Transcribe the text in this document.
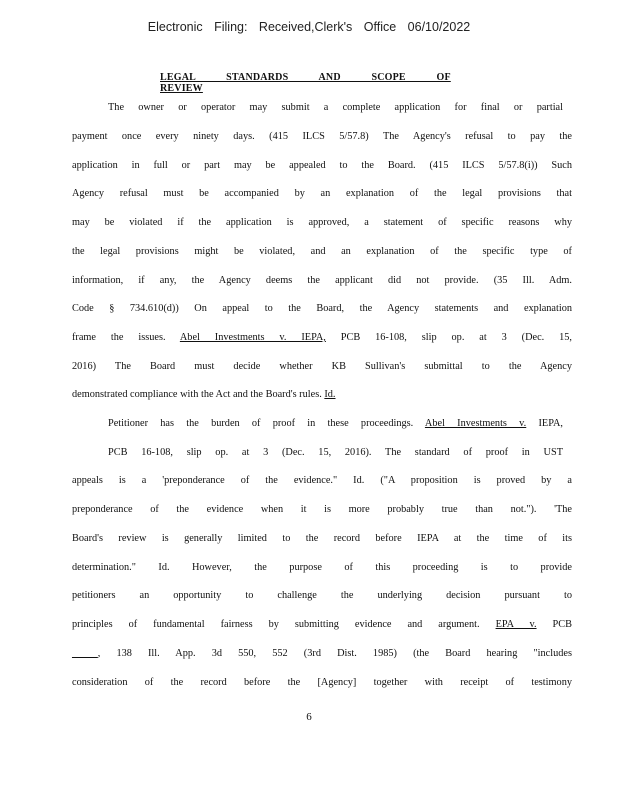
Electronic Filing: Received,Clerk's Office 06/10/2022
LEGAL STANDARDS AND SCOPE OF REVIEW
The owner or operator may submit a complete application for final or partial
payment once every ninety days. (415 ILCS 5/57.8) The Agency's refusal to pay the
application in full or part may be appealed to the Board. (415 ILCS 5/57.8(i)) Such
Agency refusal must be accompanied by an explanation of the legal provisions that
may be violated if the application is approved, a statement of specific reasons why
the legal provisions might be violated, and an explanation of the specific type of
information, if any, the Agency deems the applicant did not provide. (35 Ill. Adm.
Code § 734.610(d)) On appeal to the Board, the Agency statements and explanation
frame the issues. Abel Investments v. IEPA, PCB 16-108, slip op. at 3 (Dec. 15,
2016) The Board must decide whether KB Sullivan's submittal to the Agency
demonstrated compliance with the Act and the Board's rules. Id.
Petitioner has the burden of proof in these proceedings. Abel Investments v. IEPA,
PCB 16-108, slip op. at 3 (Dec. 15, 2016). The standard of proof in UST
appeals is a 'preponderance of the evidence." Id. ("A proposition is proved by a
preponderance of the evidence when it is more probably true than not."). 'The
Board's review is generally limited to the record before IEPA at the time of its
determination." Id. However, the purpose of this proceeding is to provide
petitioners an opportunity to challenge the underlying decision pursuant to
principles of fundamental fairness by submitting evidence and argument. EPA v. PCB
_____, 138 Ill. App. 3d 550, 552 (3rd Dist. 1985) (the Board hearing "includes
consideration of the record before the [Agency] together with receipt of testimony
6
